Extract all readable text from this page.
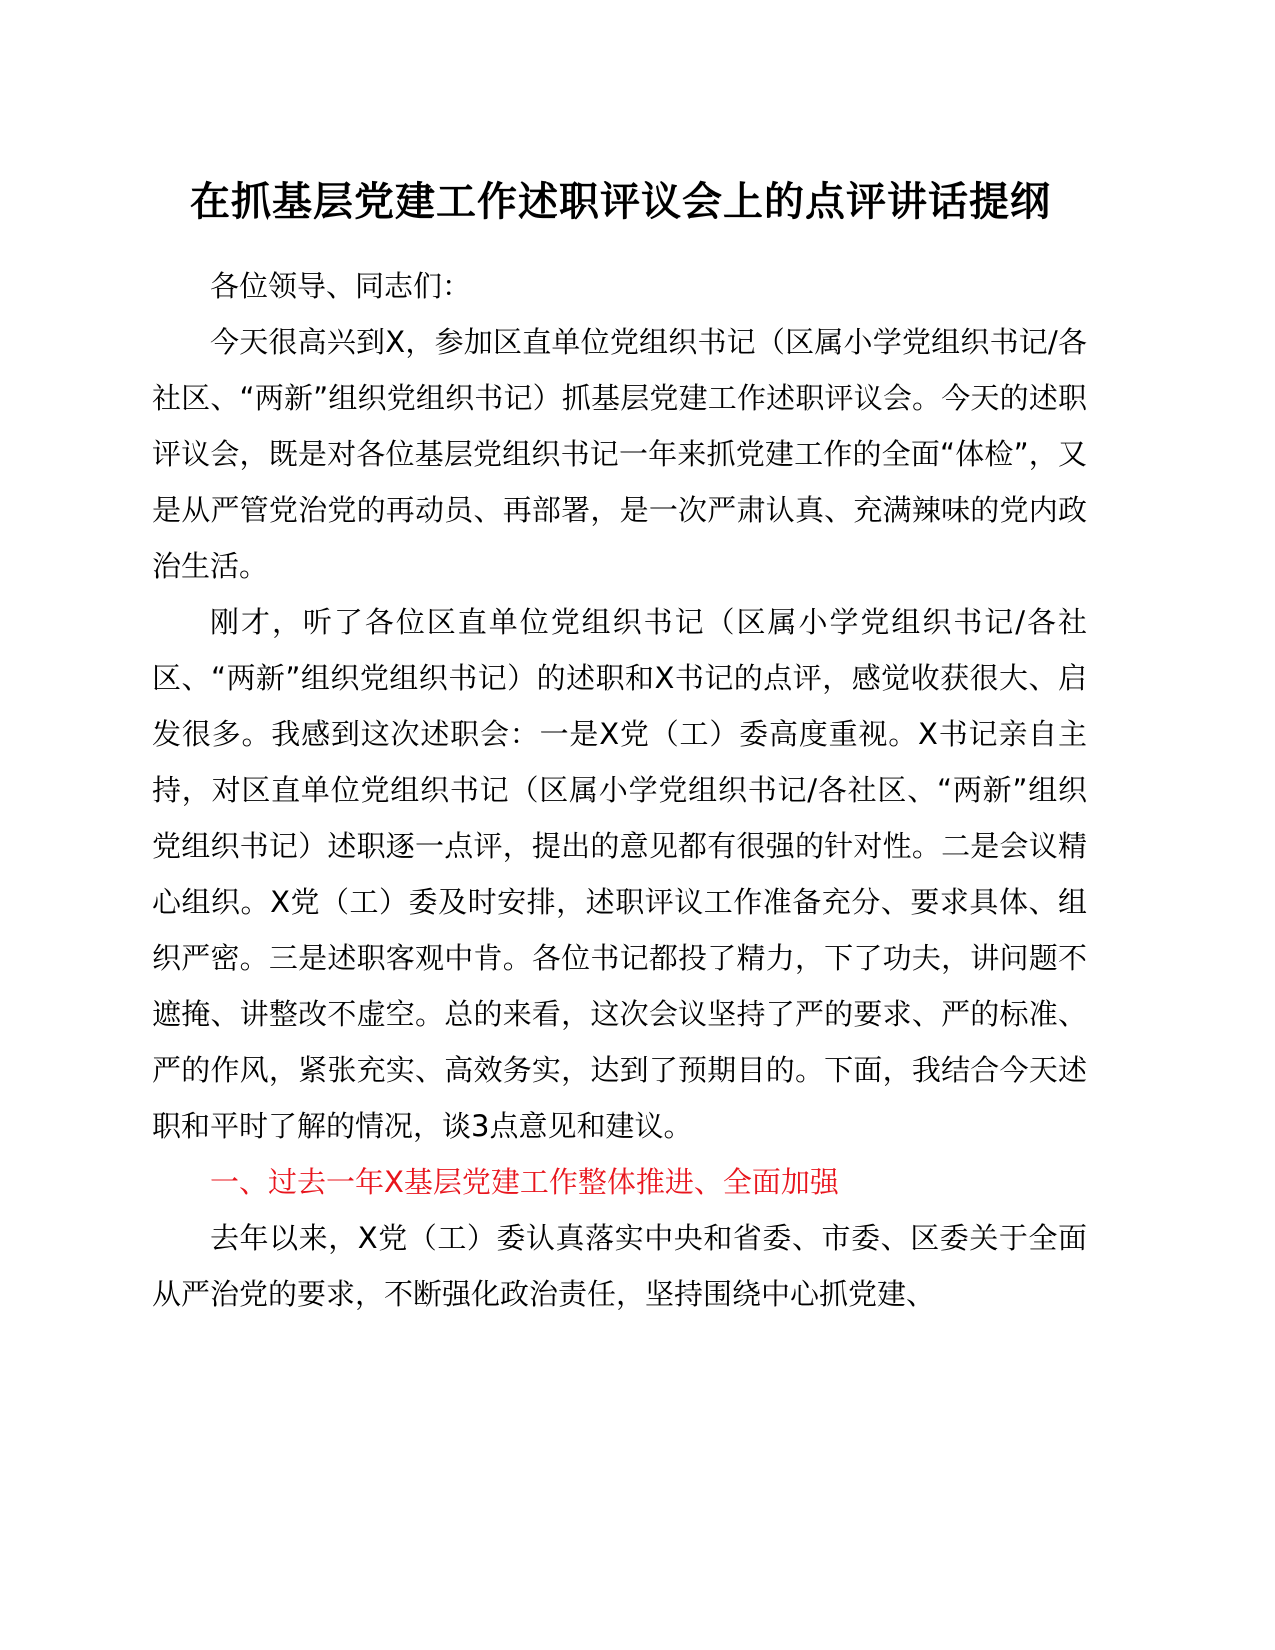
在抓基层党建工作述职评议会上的点评讲话提纲

各位领导、同志们：

今天很高兴到X，参加区直单位党组织书记（区属小学党组织书记/各社区、“两新”组织党组织书记）抓基层党建工作述职评议会。今天的述职评议会，既是对各位基层党组织书记一年来抓党建工作的全面“体检”，又是从严管党治党的再动员、再部署，是一次严肃认真、充满辣味的党内政治生活。

刚才，听了各位区直单位党组织书记（区属小学党组织书记/各社区、“两新”组织党组织书记）的述职和X书记的点评，感觉收获很大、启发很多。我感到这次述职会：一是X党（工）委高度重视。X书记亲自主持，对区直单位党组织书记（区属小学党组织书记/各社区、“两新”组织党组织书记）述职逐一点评，提出的意见都有很强的针对性。二是会议精心组织。X党（工）委及时安排，述职评议工作准备充分、要求具体、组织严密。三是述职客观中肯。各位书记都投了精力，下了功夫，讲问题不遮掩、讲整改不虚空。总的来看，这次会议坚持了严的要求、严的标准、严的作风，紧张充实、高效务实，达到了预期目的。下面，我结合今天述职和平时了解的情况，谈3点意见和建议。

一、过去一年X基层党建工作整体推进、全面加强

去年以来，X党（工）委认真落实中央和省委、市委、区委关于全面从严治党的要求，不断强化政治责任，坚持围绕中心抓党建、
